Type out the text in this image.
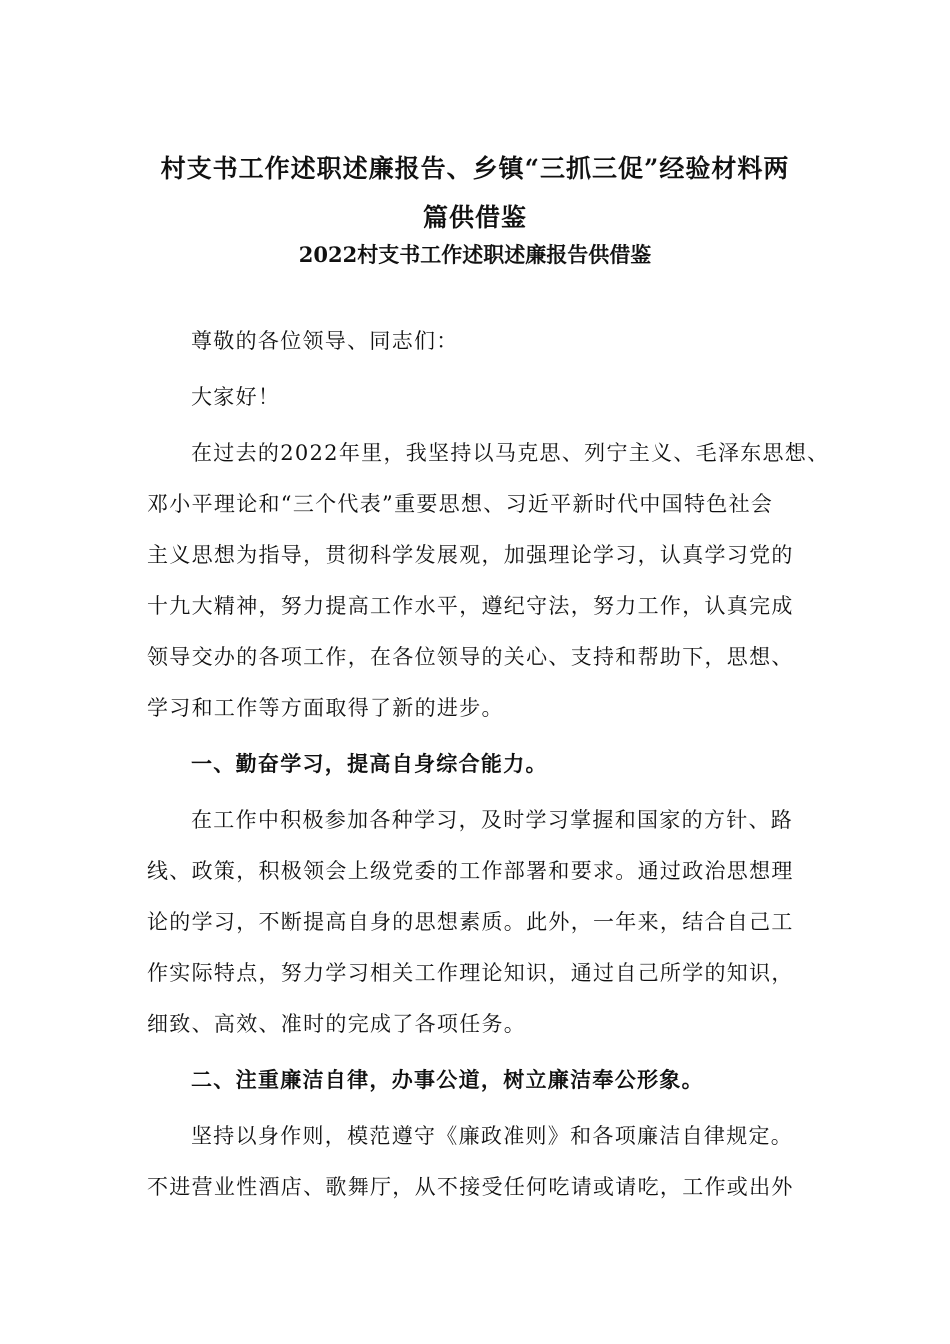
村支书工作述职述廉报告、乡镇“三抓三促”经验材料两
篇供借鉴
2022村支书工作述职述廉报告供借鉴
尊敬的各位领导、同志们：
大家好！
在过去的2022年里，我坚持以马克思、列宁主义、毛泽东思想、
邓小平理论和“三个代表”重要思想、习近平新时代中国特色社会
主义思想为指导，贯彻科学发展观，加强理论学习，认真学习党的
十九大精神，努力提高工作水平，遵纪守法，努力工作，认真完成
领导交办的各项工作，在各位领导的关心、支持和帮助下，思想、
学习和工作等方面取得了新的进步。
一、勤奋学习，提高自身综合能力。
在工作中积极参加各种学习，及时学习掌握和国家的方针、路
线、政策，积极领会上级党委的工作部署和要求。通过政治思想理
论的学习，不断提高自身的思想素质。此外，一年来，结合自己工
作实际特点，努力学习相关工作理论知识，通过自己所学的知识，
细致、高效、准时的完成了各项任务。
二、注重廉洁自律，办事公道，树立廉洁奉公形象。
坚持以身作则，模范遵守《廉政准则》和各项廉洁自律规定。
不进营业性酒店、歌舞厅，从不接受任何吃请或请吃，工作或出外
